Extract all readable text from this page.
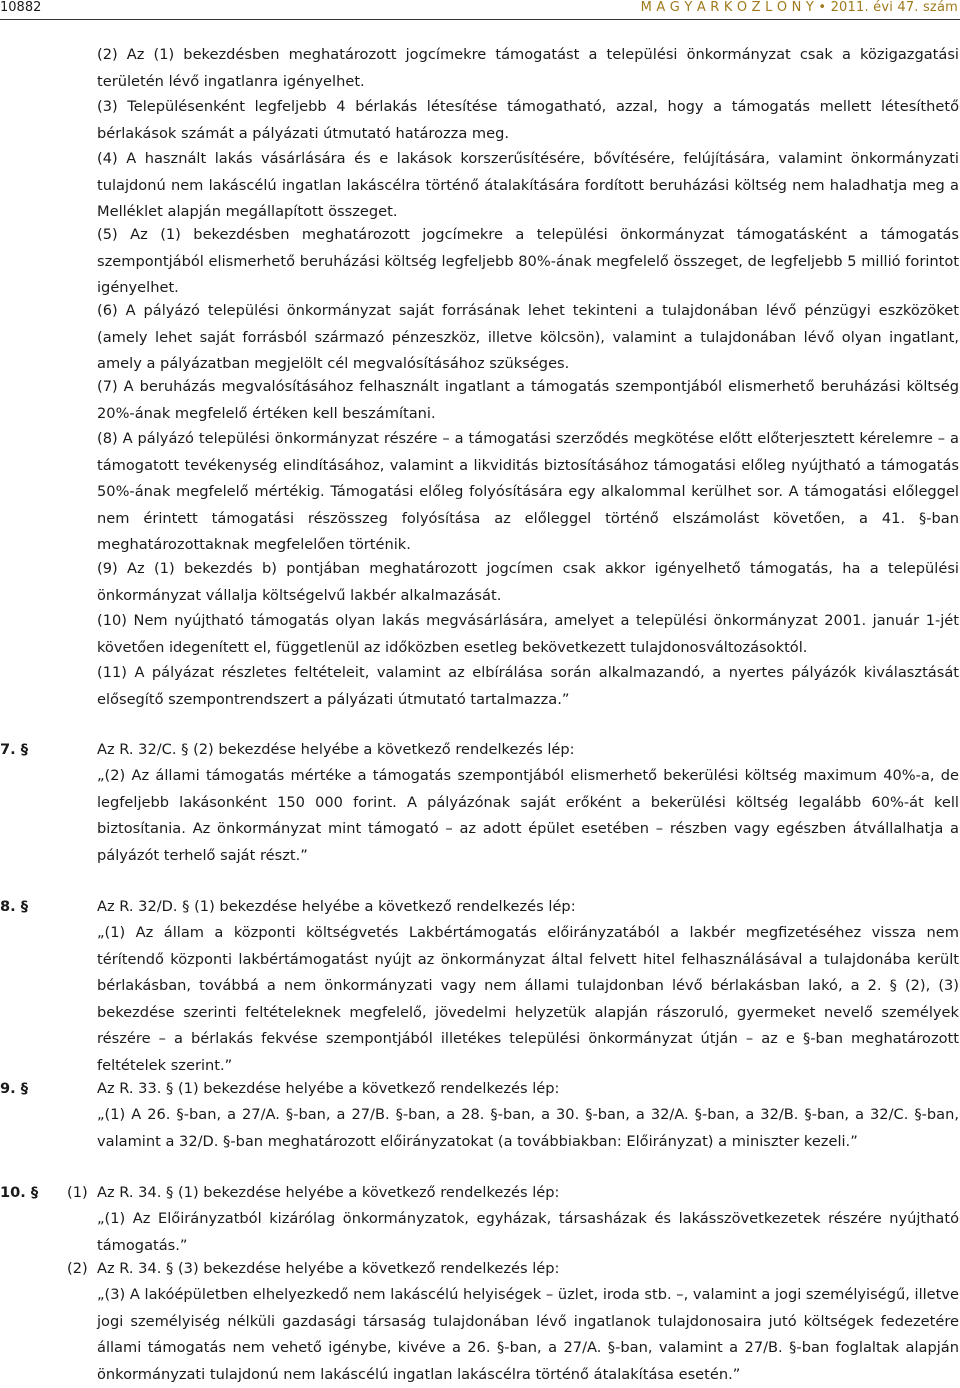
10882	M A G Y A R K Ö Z L Ö N Y • 2011. évi 47. szám

(2) Az (1) bekezdésben meghatározott jogcímekre támogatást a települési önkormányzat csak a közigazgatási területén lévő ingatlanra igényelhet.

(3) Településenként legfeljebb 4 bérlakás létesítése támogatható, azzal, hogy a támogatás mellett létesíthető bérlakások számát a pályázati útmutató határozza meg.

(4) A használt lakás vásárlására és e lakások korszerűsítésére, bővítésére, felújítására, valamint önkormányzati tulajdonú nem lakáscélú ingatlan lakáscélra történő átalakítására fordított beruházási költség nem haladhatja meg a Melléklet alapján megállapított összeget.

(5) Az (1) bekezdésben meghatározott jogcímekre a települési önkormányzat támogatásként a támogatás szempontjából elismerhető beruházási költség legfeljebb 80%-ának megfelelő összeget, de legfeljebb 5 millió forintot igényelhet.

(6) A pályázó települési önkormányzat saját forrásának lehet tekinteni a tulajdonában lévő pénzügyi eszközöket (amely lehet saját forrásból származó pénzeszköz, illetve kölcsön), valamint a tulajdonában lévő olyan ingatlant, amely a pályázatban megjelölt cél megvalósításához szükséges.

(7) A beruházás megvalósításához felhasznált ingatlant a támogatás szempontjából elismerhető beruházási költség 20%-ának megfelelő értéken kell beszámítani.

(8) A pályázó települési önkormányzat részére – a támogatási szerződés megkötése előtt előterjesztett kérelemre – a támogatott tevékenység elindításához, valamint a likviditás biztosításához támogatási előleg nyújtható a támogatás 50%-ának megfelelő mértékig. Támogatási előleg folyósítására egy alkalommal kerülhet sor. A támogatási előleggel nem érintett támogatási részösszeg folyósítása az előleggel történő elszámolást követően, a 41. §-ban meghatározottaknak megfelelően történik.

(9) Az (1) bekezdés b) pontjában meghatározott jogcímen csak akkor igényelhető támogatás, ha a települési önkormányzat vállalja költségelvű lakbér alkalmazását.

(10) Nem nyújtható támogatás olyan lakás megvásárlására, amelyet a települési önkormányzat 2001. január 1-jét követően idegenített el, függetlenül az időközben esetleg bekövetkezett tulajdonosváltozásoktól.

(11) A pályázat részletes feltételeit, valamint az elbírálása során alkalmazandó, a nyertes pályázók kiválasztását elősegítő szempontrendszert a pályázati útmutató tartalmazza.”

7. §	Az R. 32/C. § (2) bekezdése helyébe a következő rendelkezés lép:

„(2) Az állami támogatás mértéke a támogatás szempontjából elismerhető bekerülési költség maximum 40%-a, de legfeljebb lakásonként 150 000 forint. A pályázónak saját erőként a bekerülési költség legalább 60%-át kell biztosítania. Az önkormányzat mint támogató – az adott épület esetében – részben vagy egészben átvállalhatja a pályázót terhelő saját részt.”

8. §	Az R. 32/D. § (1) bekezdése helyébe a következő rendelkezés lép:

„(1) Az állam a központi költségvetés Lakbértámogatás előirányzatából a lakbér megfizetéséhez vissza nem térítendő központi lakbértámogatást nyújt az önkormányzat által felvett hitel felhasználásával a tulajdonába került bérlakásban, továbbá a nem önkormányzati vagy nem állami tulajdonban lévő bérlakásban lakó, a 2. § (2), (3) bekezdése szerinti feltételeknek megfelelő, jövedelmi helyzetük alapján rászoruló, gyermeket nevelő személyek részére – a bérlakás fekvése szempontjából illetékes települési önkormányzat útján – az e §-ban meghatározott feltételek szerint.”

9. §	Az R. 33. § (1) bekezdése helyébe a következő rendelkezés lép:

„(1) A 26. §-ban, a 27/A. §-ban, a 27/B. §-ban, a 28. §-ban, a 30. §-ban, a 32/A. §-ban, a 32/B. §-ban, a 32/C. §-ban, valamint a 32/D. §-ban meghatározott előirányzatokat (a továbbiakban: Előirányzat) a miniszter kezeli.”

10. § (1) Az R. 34. § (1) bekezdése helyébe a következő rendelkezés lép:

„(1) Az Előirányzatból kizárólag önkormányzatok, egyházak, társasházak és lakásszövetkezetek részére nyújtható támogatás.”

(2) Az R. 34. § (3) bekezdése helyébe a következő rendelkezés lép:

„(3) A lakóépületben elhelyezkedő nem lakáscélú helyiségek – üzlet, iroda stb. –, valamint a jogi személyiségű, illetve jogi személyiség nélküli gazdasági társaság tulajdonában lévő ingatlanok tulajdonosaira jutó költségek fedezetére állami támogatás nem vehető igénybe, kivéve a 26. §-ban, a 27/A. §-ban, valamint a 27/B. §-ban foglaltak alapján önkormányzati tulajdonú nem lakáscélú ingatlan lakáscélra történő átalakítása esetén.”
